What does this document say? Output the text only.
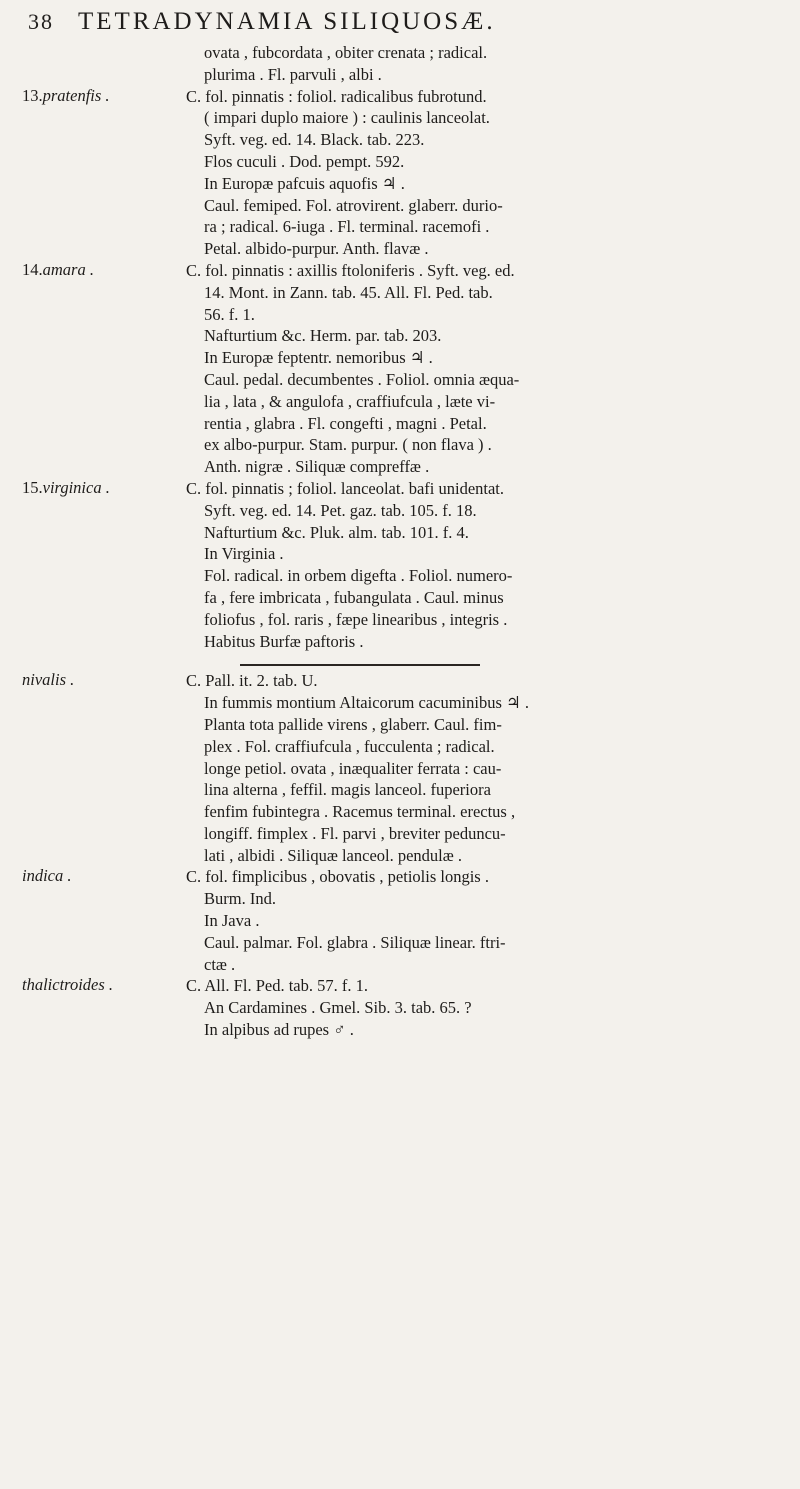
38 TETRADYNAMIA SILIQUOSÆ.
ovata , fubcordata , obiter crenata ; radical.
plurima . Fl. parvuli , albi .
13.pratenfis .	C. fol. pinnatis : foliol. radicalibus fubrotund.
( impari duplo maiore ) : caulinis lanceolat.
Syft. veg. ed. 14. Black. tab. 223.
Flos cuculi . Dod. pempt. 592.
In Europæ pafcuis aquofis ♃ .
Caul. femiped. Fol. atrovirent. glaberr. durio-
ra ; radical. 6-iuga . Fl. terminal. racemofi .
Petal. albido-purpur. Anth. flavæ .
14.amara .	C. fol. pinnatis : axillis ftoloniferis . Syft. veg. ed.
14. Mont. in Zann. tab. 45. All. Fl. Ped. tab.
56. f. 1.
Nafturtium &c. Herm. par. tab. 203.
In Europæ feptentr. nemoribus ♃ .
Caul. pedal. decumbentes . Foliol. omnia æqua-
lia , lata , & angulofa , craffiufcula , læte vi-
rentia , glabra . Fl. congefti , magni . Petal.
ex albo-purpur. Stam. purpur. ( non flava ) .
Anth. nigræ . Siliquæ compreffæ .
15.virginica .	C. fol. pinnatis ; foliol. lanceolat. bafi unidentat.
Syft. veg. ed. 14. Pet. gaz. tab. 105. f. 18.
Nafturtium &c. Pluk. alm. tab. 101. f. 4.
In Virginia .
Fol. radical. in orbem digefta . Foliol. numero-
fa , fere imbricata , fubangulata . Caul. minus
foliofus , fol. raris , fæpe linearibus , integris .
Habitus Burfæ paftoris .
nivalis .	C. Pall. it. 2. tab. U.
In fummis montium Altaicorum cacuminibus ♃ .
Planta tota pallide virens , glaberr. Caul. fim-
plex . Fol. craffiufcula , fucculenta ; radical.
longe petiol. ovata , inæqualiter ferrata : cau-
lina alterna , feffil. magis lanceol. fuperiora
fenfim fubintegra . Racemus terminal. erectus ,
longiff. fimplex . Fl. parvi , breviter peduncu-
lati , albidi . Siliquæ lanceol. pendulæ .
indica .	C. fol. fimplicibus , obovatis , petiolis longis .
Burm. Ind.
In Java .
Caul. palmar. Fol. glabra . Siliquæ linear. ftri-
ctæ .
thalictroides .	C. All. Fl. Ped. tab. 57. f. 1.
An Cardamines . Gmel. Sib. 3. tab. 65. ?
In alpibus ad rupes ♂ .
